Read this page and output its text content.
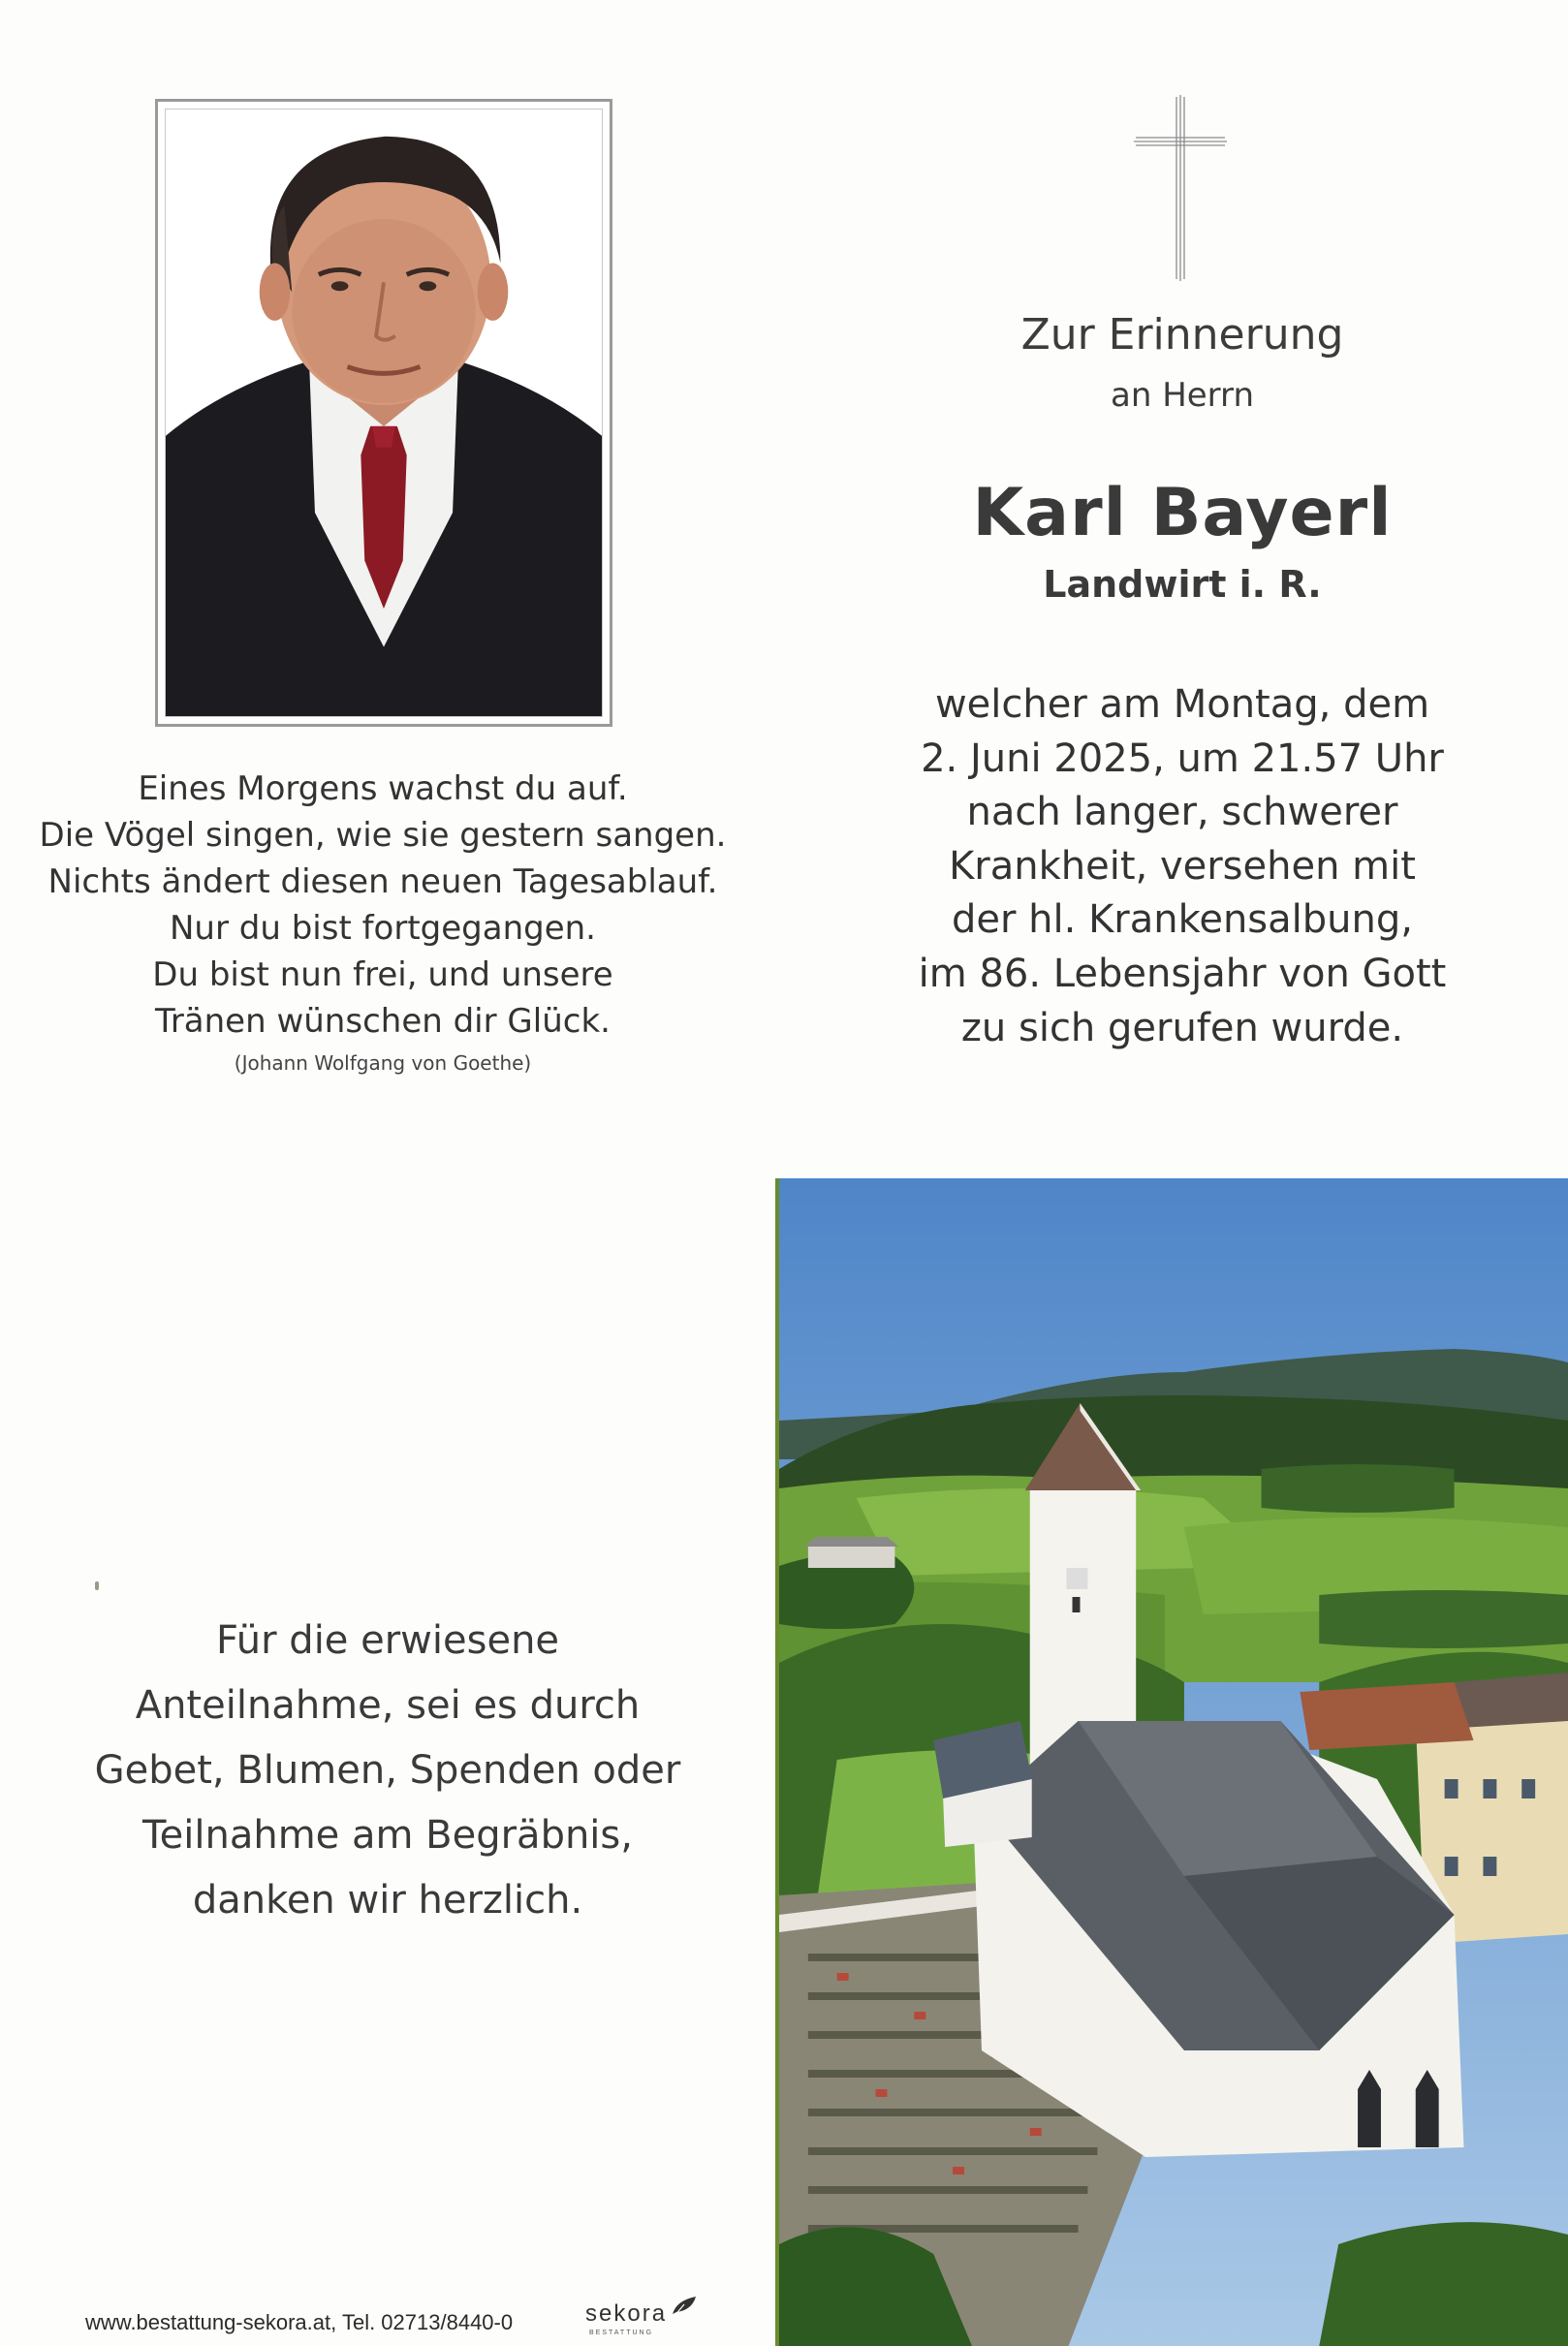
Eines Morgens wachst du auf.
Die Vögel singen, wie sie gestern sangen.
Nichts ändert diesen neuen Tagesablauf.
Nur du bist fortgegangen.
Du bist nun frei, und unsere
Tränen wünschen dir Glück.
(Johann Wolfgang von Goethe)
Zur Erinnerung
an Herrn
Karl Bayerl
Landwirt i. R.
welcher am Montag, dem
2. Juni 2025, um 21.57 Uhr
nach langer, schwerer
Krankheit, versehen mit
der hl. Krankensalbung,
im 86. Lebensjahr von Gott
zu sich gerufen wurde.
Für die erwiesene
Anteilnahme, sei es durch
Gebet, Blumen, Spenden oder
Teilnahme am Begräbnis,
danken wir herzlich.
www.bestattung-sekora.at, Tel. 02713/8440-0	sekora
BESTATTUNG
